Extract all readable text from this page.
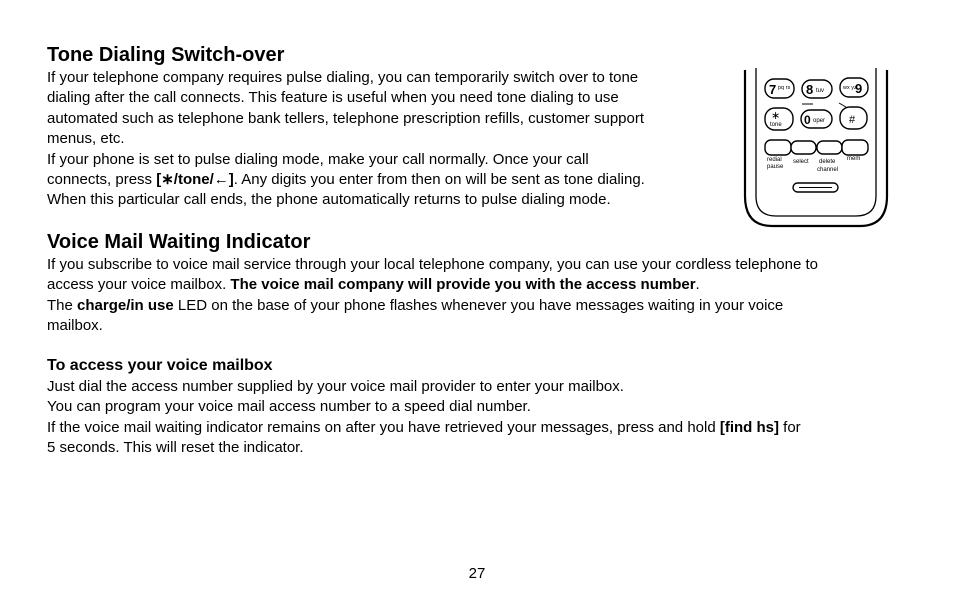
Tone Dialing Switch-over
If your telephone company requires pulse dialing, you can temporarily switch over to tone
dialing after the call connects. This feature is useful when you need tone dialing to use
automated such as telephone bank tellers, telephone prescription refills, customer support
menus, etc.
If your phone is set to pulse dialing mode, make your call normally. Once your call
connects, press [∗/tone/←]. Any digits you enter from then on will be sent as tone dialing.
When this particular call ends, the phone automatically returns to pulse dialing mode.
7 pq rs 8 tuv	wx yz
9
∗
tone 0 oper #
redial
pause
select delete
channel
mem
Voice Mail Waiting Indicator
If you subscribe to voice mail service through your local telephone company, you can use your cordless telephone to
access your voice mailbox. The voice mail company will provide you with the access number.
The charge/in use LED on the base of your phone flashes whenever you have messages waiting in your voice
mailbox.
To access your voice mailbox
Just dial the access number supplied by your voice mail provider to enter your mailbox.
You can program your voice mail access number to a speed dial number.
If the voice mail waiting indicator remains on after you have retrieved your messages, press and hold [find hs] for
5 seconds. This will reset the indicator.
27
